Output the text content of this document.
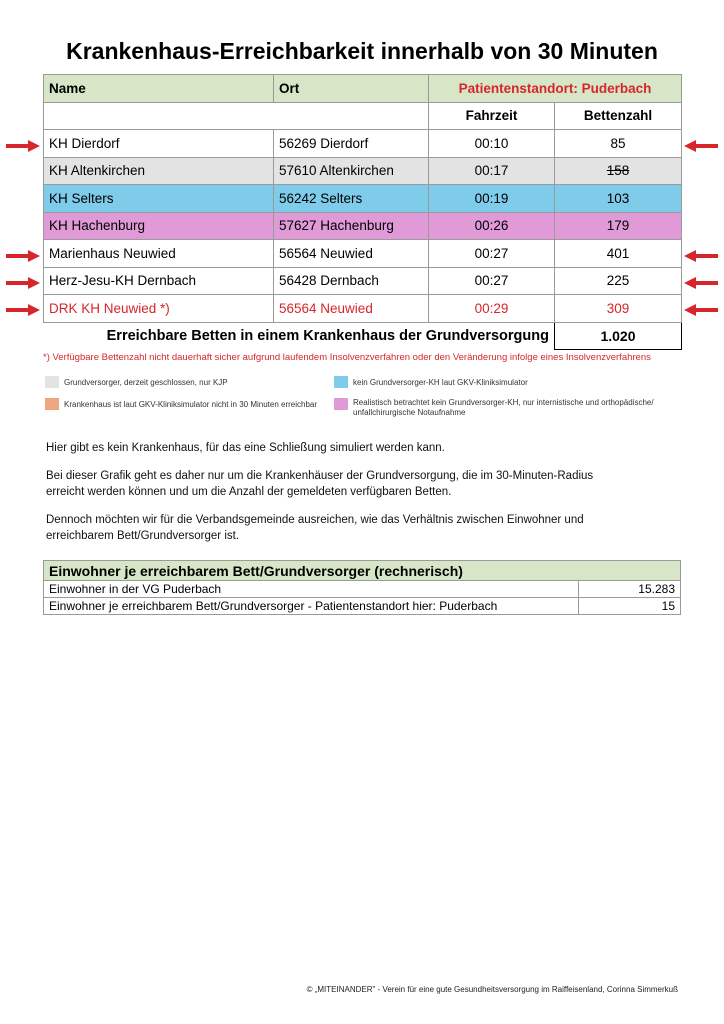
Krankenhaus-Erreichbarkeit innerhalb von 30 Minuten
Name	Ort	Patientenstandort: Puderbach	
		Fahrzeit	Bettenzahl
KH Dierdorf	56269 Dierdorf	00:10	85
KH Altenkirchen	57610 Altenkirchen	00:17	158
KH Selters	56242 Selters	00:19	103
KH Hachenburg	57627 Hachenburg	00:26	179
Marienhaus Neuwied	56564 Neuwied	00:27	401
Herz-Jesu-KH Dernbach	56428 Dernbach	00:27	225
DRK KH Neuwied *)	56564 Neuwied	00:29	309
Erreichbare Betten in einem Krankenhaus der Grundversorgung			1.020
*) Verfügbare Bettenzahl nicht dauerhaft sicher aufgrund laufendem Insolvenzverfahren oder den Veränderung infolge eines Insolvenzverfahrens
Grundversorger, derzeit geschlossen, nur KJP	kein Grundversorger-KH laut GKV-Kliniksimulator
Krankenhaus ist laut GKV-Kliniksimulator nicht in 30 Minuten erreichbar	Realistisch betrachtet kein Grundversorger-KH, nur internistische und orthopädische/
unfallchirurgische Notaufnahme
Hier gibt es kein Krankenhaus, für das eine Schließung simuliert werden kann.
Bei dieser Grafik geht es daher nur um die Krankenhäuser der Grundversorgung, die im 30-Minuten-Radius
erreicht werden können und um die Anzahl der gemeldeten verfügbaren Betten.
Dennoch möchten wir für die Verbandsgemeinde ausreichen, wie das Verhältnis zwischen Einwohner und
erreichbarem Bett/Grundversorger ist.
Einwohner je erreichbarem Bett/Grundversorger (rechnerisch)	
Einwohner in der VG Puderbach	15.283
Einwohner je erreichbarem Bett/Grundversorger - Patientenstandort hier: Puderbach	15
© „MITEINANDER" - Verein für eine gute Gesundheitsversorgung im Raiffeisenland, Corinna Simmerkuß
